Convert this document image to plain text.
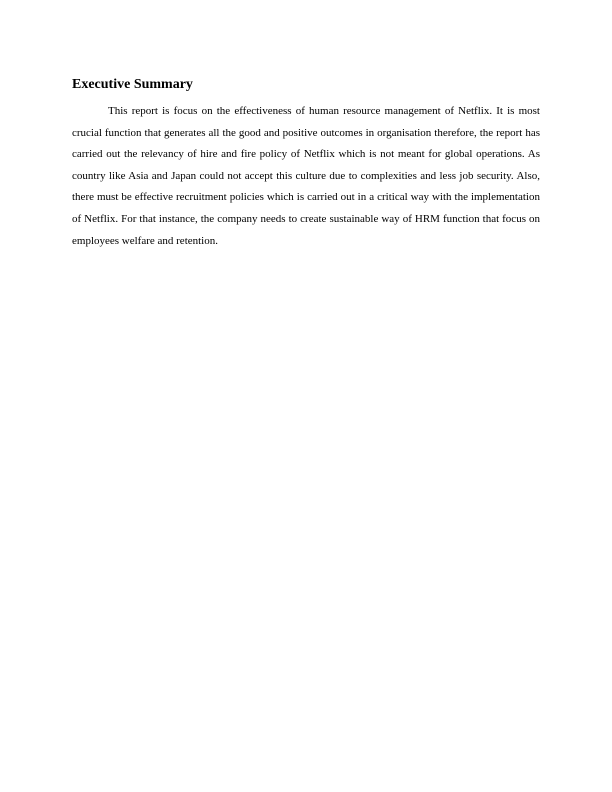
Executive Summary

This report is focus on the effectiveness of human resource management of Netflix. It is most crucial function that generates all the good and positive outcomes in organisation therefore, the report has carried out the relevancy of hire and fire policy of Netflix which is not meant for global operations. As country like Asia and Japan could not accept this culture due to complexities and less job security. Also, there must be effective recruitment policies which is carried out in a critical way with the implementation of Netflix. For that instance, the company needs to create sustainable way of HRM function that focus on employees welfare and retention.
